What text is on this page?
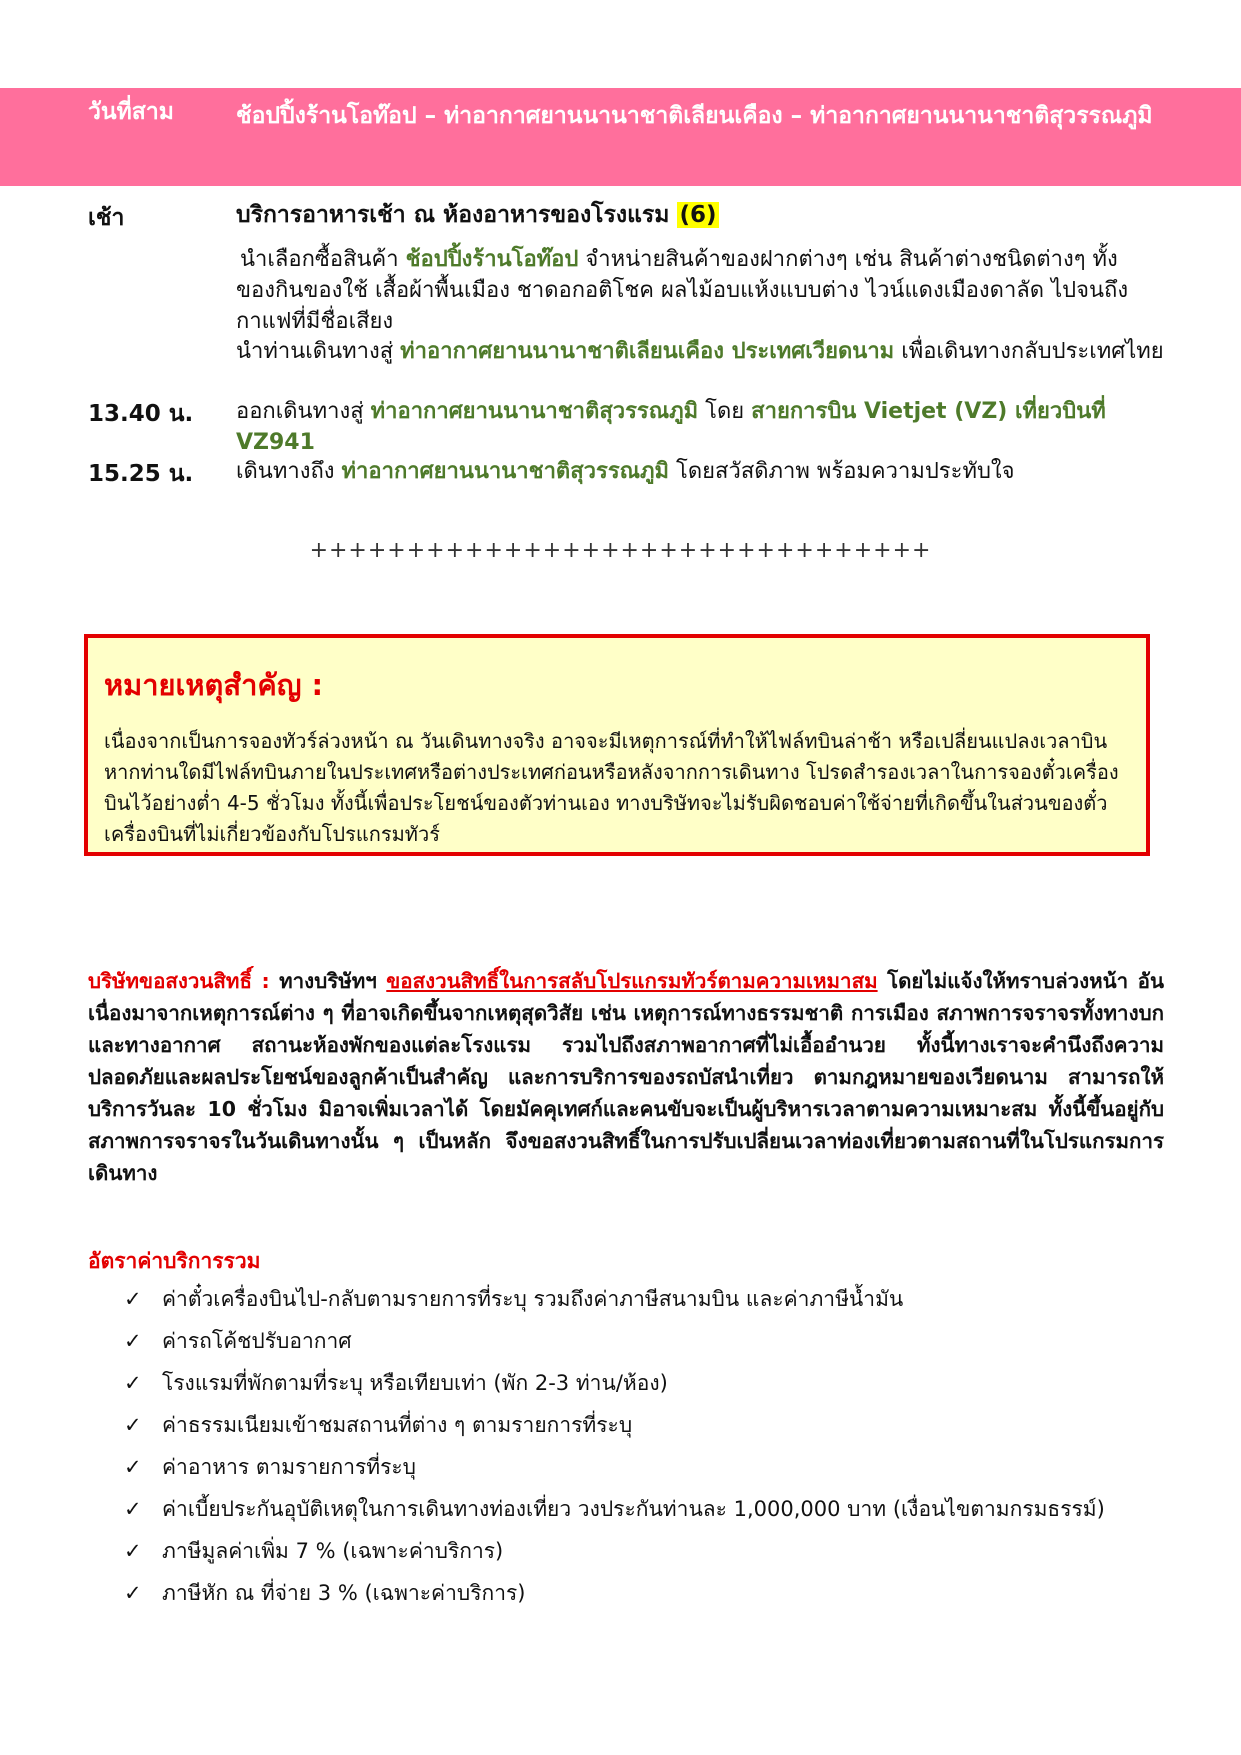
วันที่สาม	ช้อปปิ้งร้านโอท๊อป – ท่าอากาศยานนานาชาติเลียนเคือง – ท่าอากาศยานนานาชาติสุวรรณภูมิ
เช้า	บริการอาหารเช้า ณ ห้องอาหารของโรงแรม (6)
นำเลือกซื้อสินค้า ช้อปปิ้งร้านโอท๊อป จำหน่ายสินค้าของฝากต่างๆ เช่น สินค้าต่างชนิดต่างๆ ทั้งของกินของใช้ เสื้อผ้าพื้นเมือง ชาดอกอติโชค ผลไม้อบแห้งแบบต่าง ไวน์แดงเมืองดาลัด ไปจนถึงกาแฟที่มีชื่อเสียง
นำท่านเดินทางสู่ ท่าอากาศยานนานาชาติเลียนเคือง ประเทศเวียดนาม เพื่อเดินทางกลับประเทศไทย
13.40 น. ออกเดินทางสู่ ท่าอากาศยานนานาชาติสุวรรณภูมิ โดย สายการบิน Vietjet (VZ) เที่ยวบินที่ VZ941
15.25 น. เดินทางถึง ท่าอากาศยานนานาชาติสุวรรณภูมิ โดยสวัสดิภาพ พร้อมความประทับใจ
++++++++++++++++++++++++++++++++
หมายเหตุสำคัญ :
เนื่องจากเป็นการจองทัวร์ล่วงหน้า ณ วันเดินทางจริง อาจจะมีเหตุการณ์ที่ทำให้ไฟล์ทบินล่าช้า หรือเปลี่ยนแปลงเวลาบิน หากท่านใดมีไฟล์ทบินภายในประเทศหรือต่างประเทศก่อนหรือหลังจากการเดินทาง โปรดสำรองเวลาในการจองตั๋วเครื่องบินไว้อย่างต่ำ 4-5 ชั่วโมง ทั้งนี้เพื่อประโยชน์ของตัวท่านเอง ทางบริษัทจะไม่รับผิดชอบค่าใช้จ่ายที่เกิดขึ้นในส่วนของตั๋วเครื่องบินที่ไม่เกี่ยวข้องกับโปรแกรมทัวร์
บริษัทขอสงวนสิทธิ์ : ทางบริษัทฯ ขอสงวนสิทธิ์ในการสลับโปรแกรมทัวร์ตามความเหมาสม โดยไม่แจ้งให้ทราบล่วงหน้า อันเนื่องมาจากเหตุการณ์ต่าง ๆ ที่อาจเกิดขึ้นจากเหตุสุดวิสัย เช่น เหตุการณ์ทางธรรมชาติ การเมือง สภาพการจราจรทั้งทางบกและทางอากาศ สถานะห้องพักของแต่ละโรงแรม รวมไปถึงสภาพอากาศที่ไม่เอื้ออำนวย ทั้งนี้ทางเราจะคำนึงถึงความปลอดภัยและผลประโยชน์ของลูกค้าเป็นสำคัญ และการบริการของรถบัสนำเที่ยว ตามกฎหมายของเวียดนาม สามารถให้บริการวันละ 10 ชั่วโมง มิอาจเพิ่มเวลาได้ โดยมัคคุเทศก์และคนขับจะเป็นผู้บริหารเวลาตามความเหมาะสม ทั้งนี้ขึ้นอยู่กับสภาพการจราจรในวันเดินทางนั้น ๆ เป็นหลัก จึงขอสงวนสิทธิ์ในการปรับเปลี่ยนเวลาท่องเที่ยวตามสถานที่ในโปรแกรมการเดินทาง
อัตราค่าบริการรวม
✓ ค่าตั๋วเครื่องบินไป-กลับตามรายการที่ระบุ รวมถึงค่าภาษีสนามบิน และค่าภาษีน้ำมัน
✓ ค่ารถโค้ชปรับอากาศ
✓ โรงแรมที่พักตามที่ระบุ หรือเทียบเท่า (พัก 2-3 ท่าน/ห้อง)
✓ ค่าธรรมเนียมเข้าชมสถานที่ต่าง ๆ ตามรายการที่ระบุ
✓ ค่าอาหาร ตามรายการที่ระบุ
✓ ค่าเบี้ยประกันอุบัติเหตุในการเดินทางท่องเที่ยว วงประกันท่านละ 1,000,000 บาท (เงื่อนไขตามกรมธรรม์)
✓ ภาษีมูลค่าเพิ่ม 7 % (เฉพาะค่าบริการ)
✓ ภาษีหัก ณ ที่จ่าย 3 % (เฉพาะค่าบริการ)
